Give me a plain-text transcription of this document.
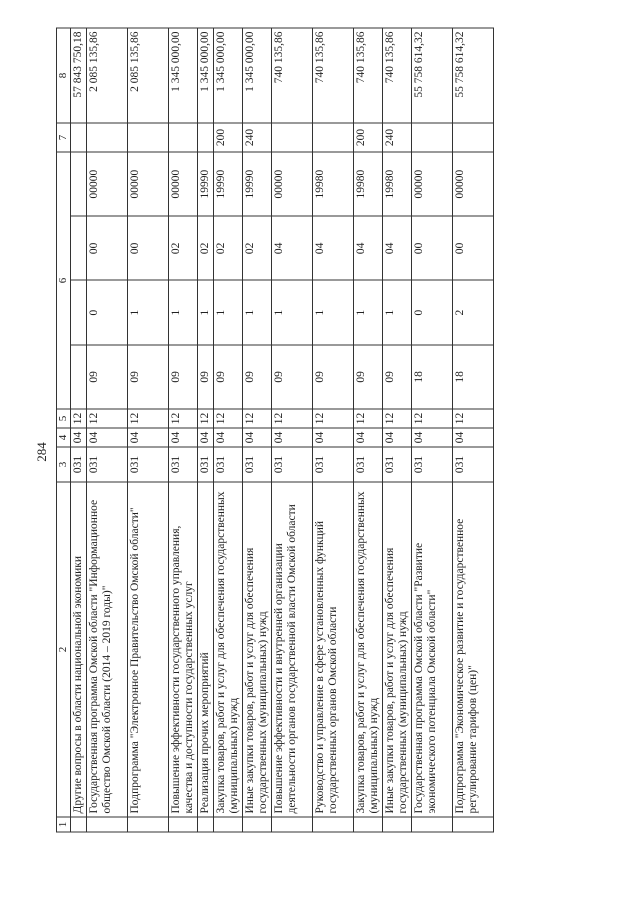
284
1	2	3	4	5	6				7	8
	Другие вопросы в области национальной экономики	031	04	12						57 843 750,18
	Государственная программа Омской области "Информационное общество Омской области (2014 – 2019 годы)"	031	04	12	09	0	00	00000		2 085 135,86
	Подпрограмма "Электронное Правительство Омской области"	031	04	12	09	1	00	00000		2 085 135,86
	Повышение эффективности государственного управления, качества и доступности государственных услуг	031	04	12	09	1	02	00000		1 345 000,00
	Реализация прочих мероприятий	031	04	12	09	1	02	19990		1 345 000,00
	Закупка товаров, работ и услуг для обеспечения государственных (муниципальных) нужд	031	04	12	09	1	02	19990	200	1 345 000,00
	Иные закупки товаров, работ и услуг для обеспечения государственных (муниципальных) нужд	031	04	12	09	1	02	19990	240	1 345 000,00
	Повышение эффективности и внутренней организации деятельности органов государственной власти Омской области	031	04	12	09	1	04	00000		740 135,86
	Руководство и управление в сфере установленных функций государственных органов Омской области	031	04	12	09	1	04	19980		740 135,86
	Закупка товаров, работ и услуг для обеспечения государственных (муниципальных) нужд	031	04	12	09	1	04	19980	200	740 135,86
	Иные закупки товаров, работ и услуг для обеспечения государственных (муниципальных) нужд	031	04	12	09	1	04	19980	240	740 135,86
	Государственная программа Омской области "Развитие экономического потенциала Омской области"	031	04	12	18	0	00	00000		55 758 614,32
	Подпрограмма "Экономическое развитие и государственное регулирование тарифов (цен)"	031	04	12	18	2	00	00000		55 758 614,32
